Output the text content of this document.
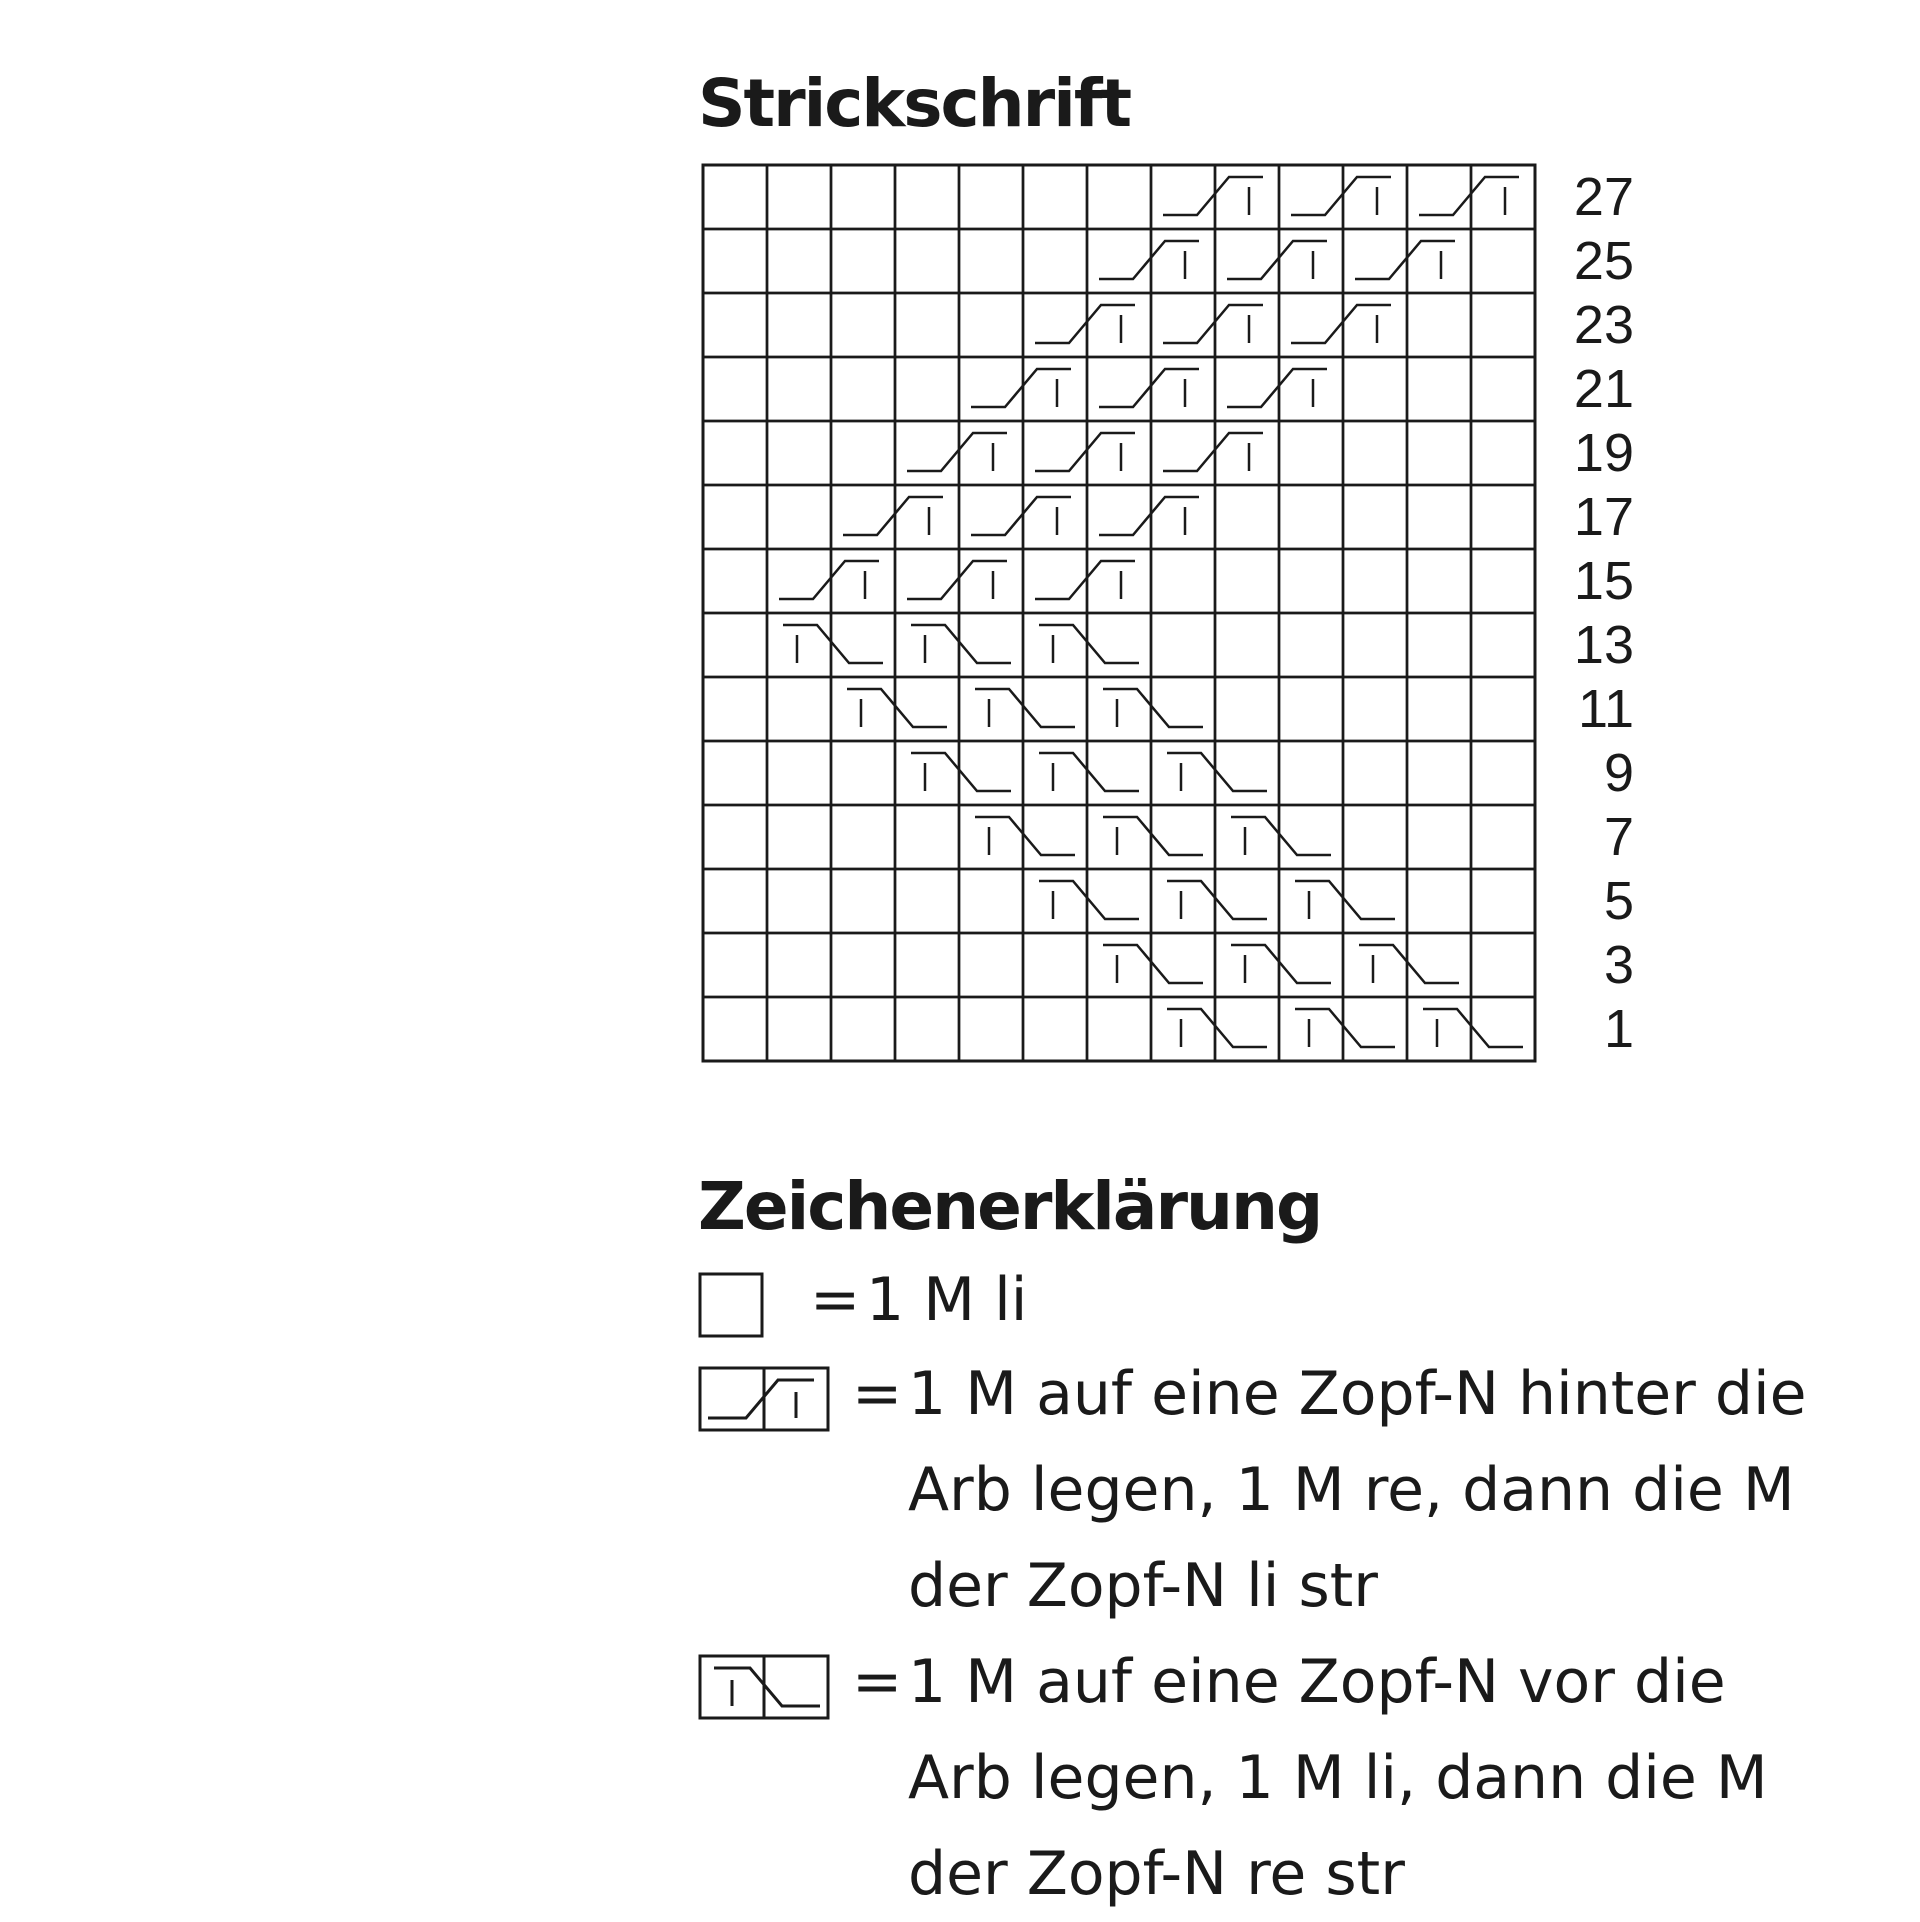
Strickschrift
27
25
23
21
19
17
15
13
11
9
7
5
3
1
Zeichenerklärung
= 1 M li
= 1 M auf eine Zopf-N hinter die
Arb legen, 1 M re, dann die M
der Zopf-N li str
= 1 M auf eine Zopf-N vor die
Arb legen, 1 M li, dann die M
der Zopf-N re str
